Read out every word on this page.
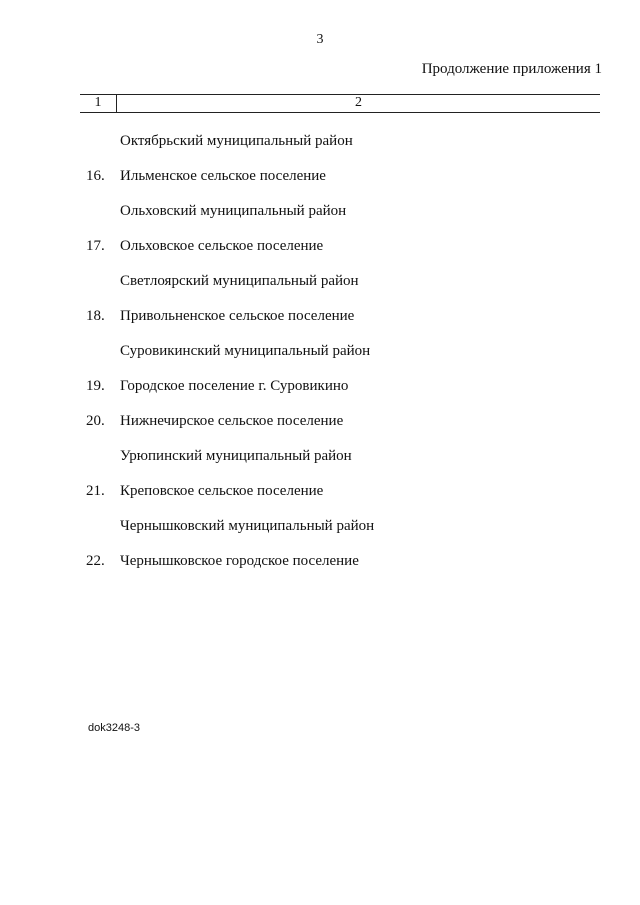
3
Продолжение приложения 1
1	2
Октябрьский муниципальный район
16. Ильменское сельское поселение
Ольховский муниципальный район
17. Ольховское сельское поселение
Светлоярский муниципальный район
18. Привольненское сельское поселение
Суровикинский муниципальный район
19. Городское поселение г. Суровикино
20. Нижнечирское сельское поселение
Урюпинский муниципальный район
21. Креповское сельское поселение
Чернышковский муниципальный район
22. Чернышковское городское поселение
dok3248-3
